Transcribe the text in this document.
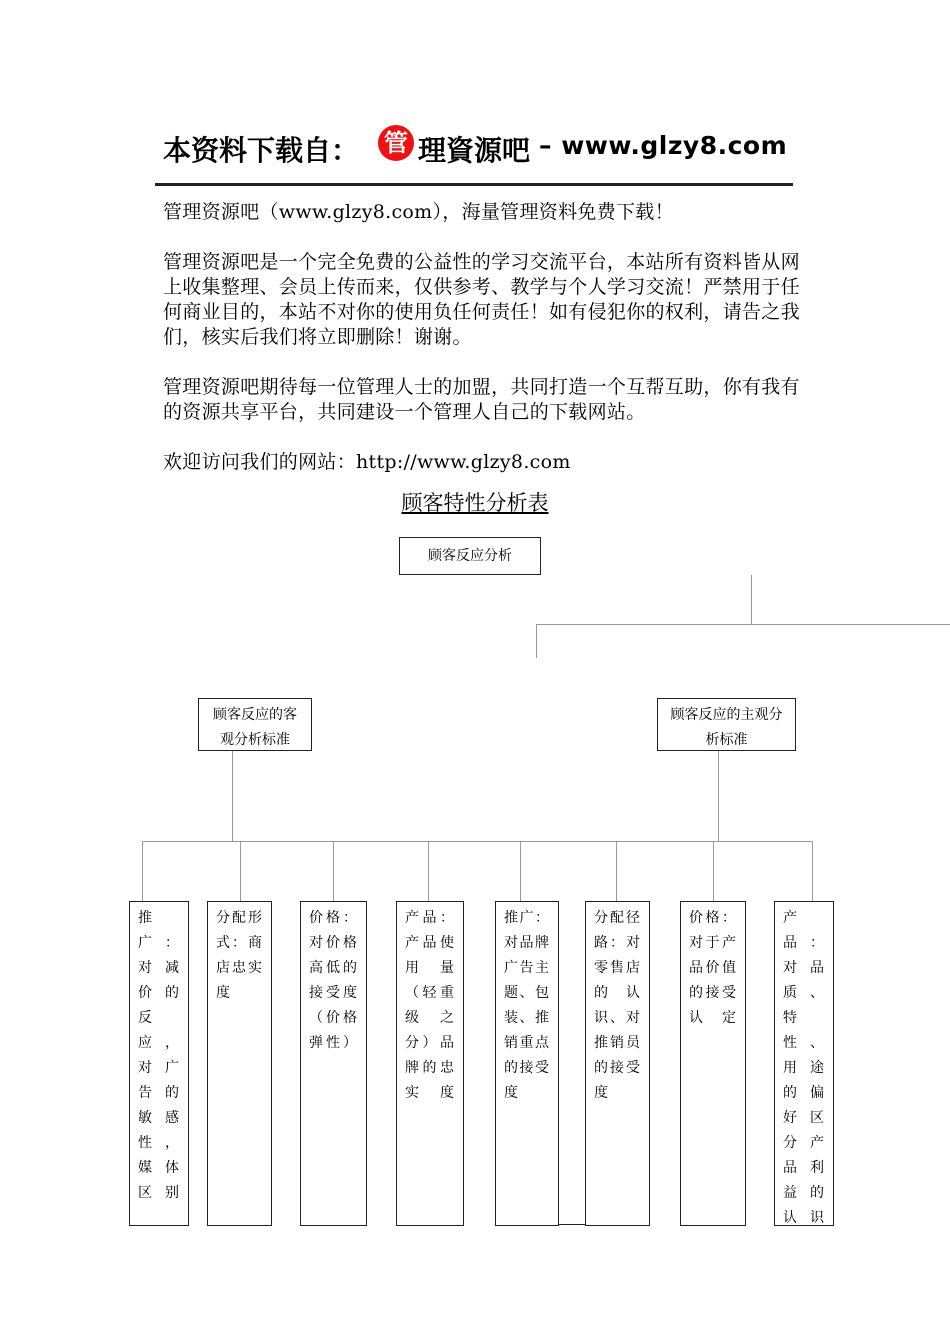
本资料下载自： 管 理資源吧 – www.glzy8.com
管理资源吧（www.glzy8.com），海量管理资料免费下载！
管理资源吧是一个完全免费的公益性的学习交流平台，本站所有资料皆从网上收集整理、会员上传而来，仅供参考、教学与个人学习交流！严禁用于任何商业目的，本站不对你的使用负任何责任！如有侵犯你的权利，请告之我们，核实后我们将立即删除！谢谢。
管理资源吧期待每一位管理人士的加盟，共同打造一个互帮互助，你有我有的资源共享平台，共同建设一个管理人自己的下载网站。
欢迎访问我们的网站：http://www.glzy8.com
顾客特性分析表
顾客反应分析
顾客反应的客观分析标准
顾客反应的主观分析标准
推广：对减价的反应，对广告的敏感性，媒体区别
分配形式：商店忠实度
价格：对价格高低的接受度（价格弹性）
产品：产品使用量（轻重级之分）品牌的忠实度
推广：对品牌广告主题、包装、推销重点的接受度
分配径路：对零售店的认识、对推销员的接受度
价格：对于产品价值的接受认定
产品：对品质、特性、用途的偏好区分产品利益的认识
